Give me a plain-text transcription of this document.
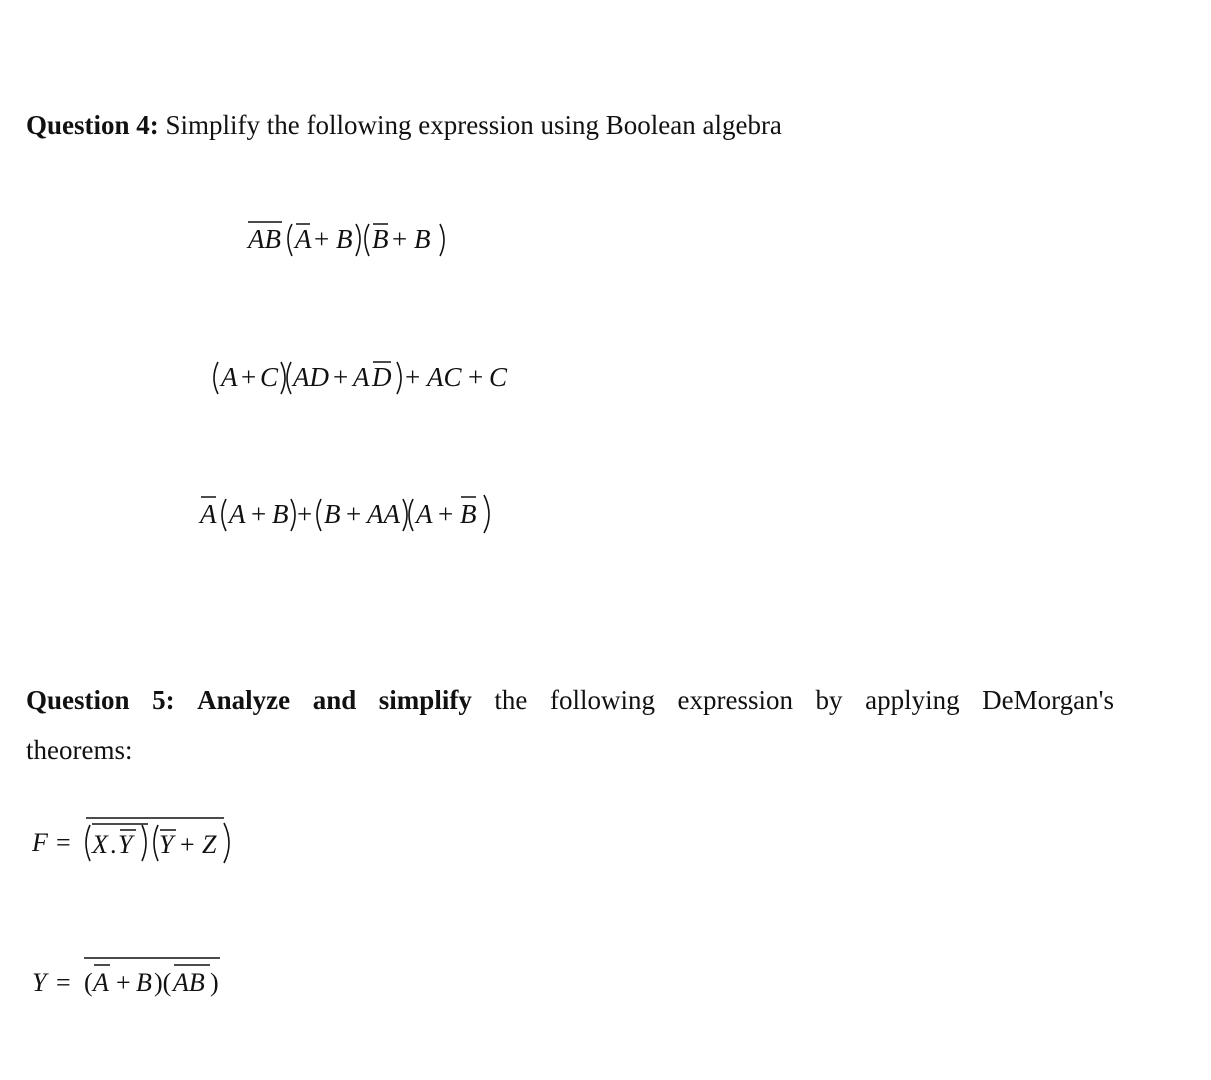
Question 4: Simplify the following expression using Boolean algebra
AB A + B B + B
A + C AD + A D + AC + C
A A + B + B + AA A + B
Question 5: Analyze and simplify the following expression by applying DeMorgan's
theorems:
F = X . Y Y + Z
Y = ( A + B )( AB )
